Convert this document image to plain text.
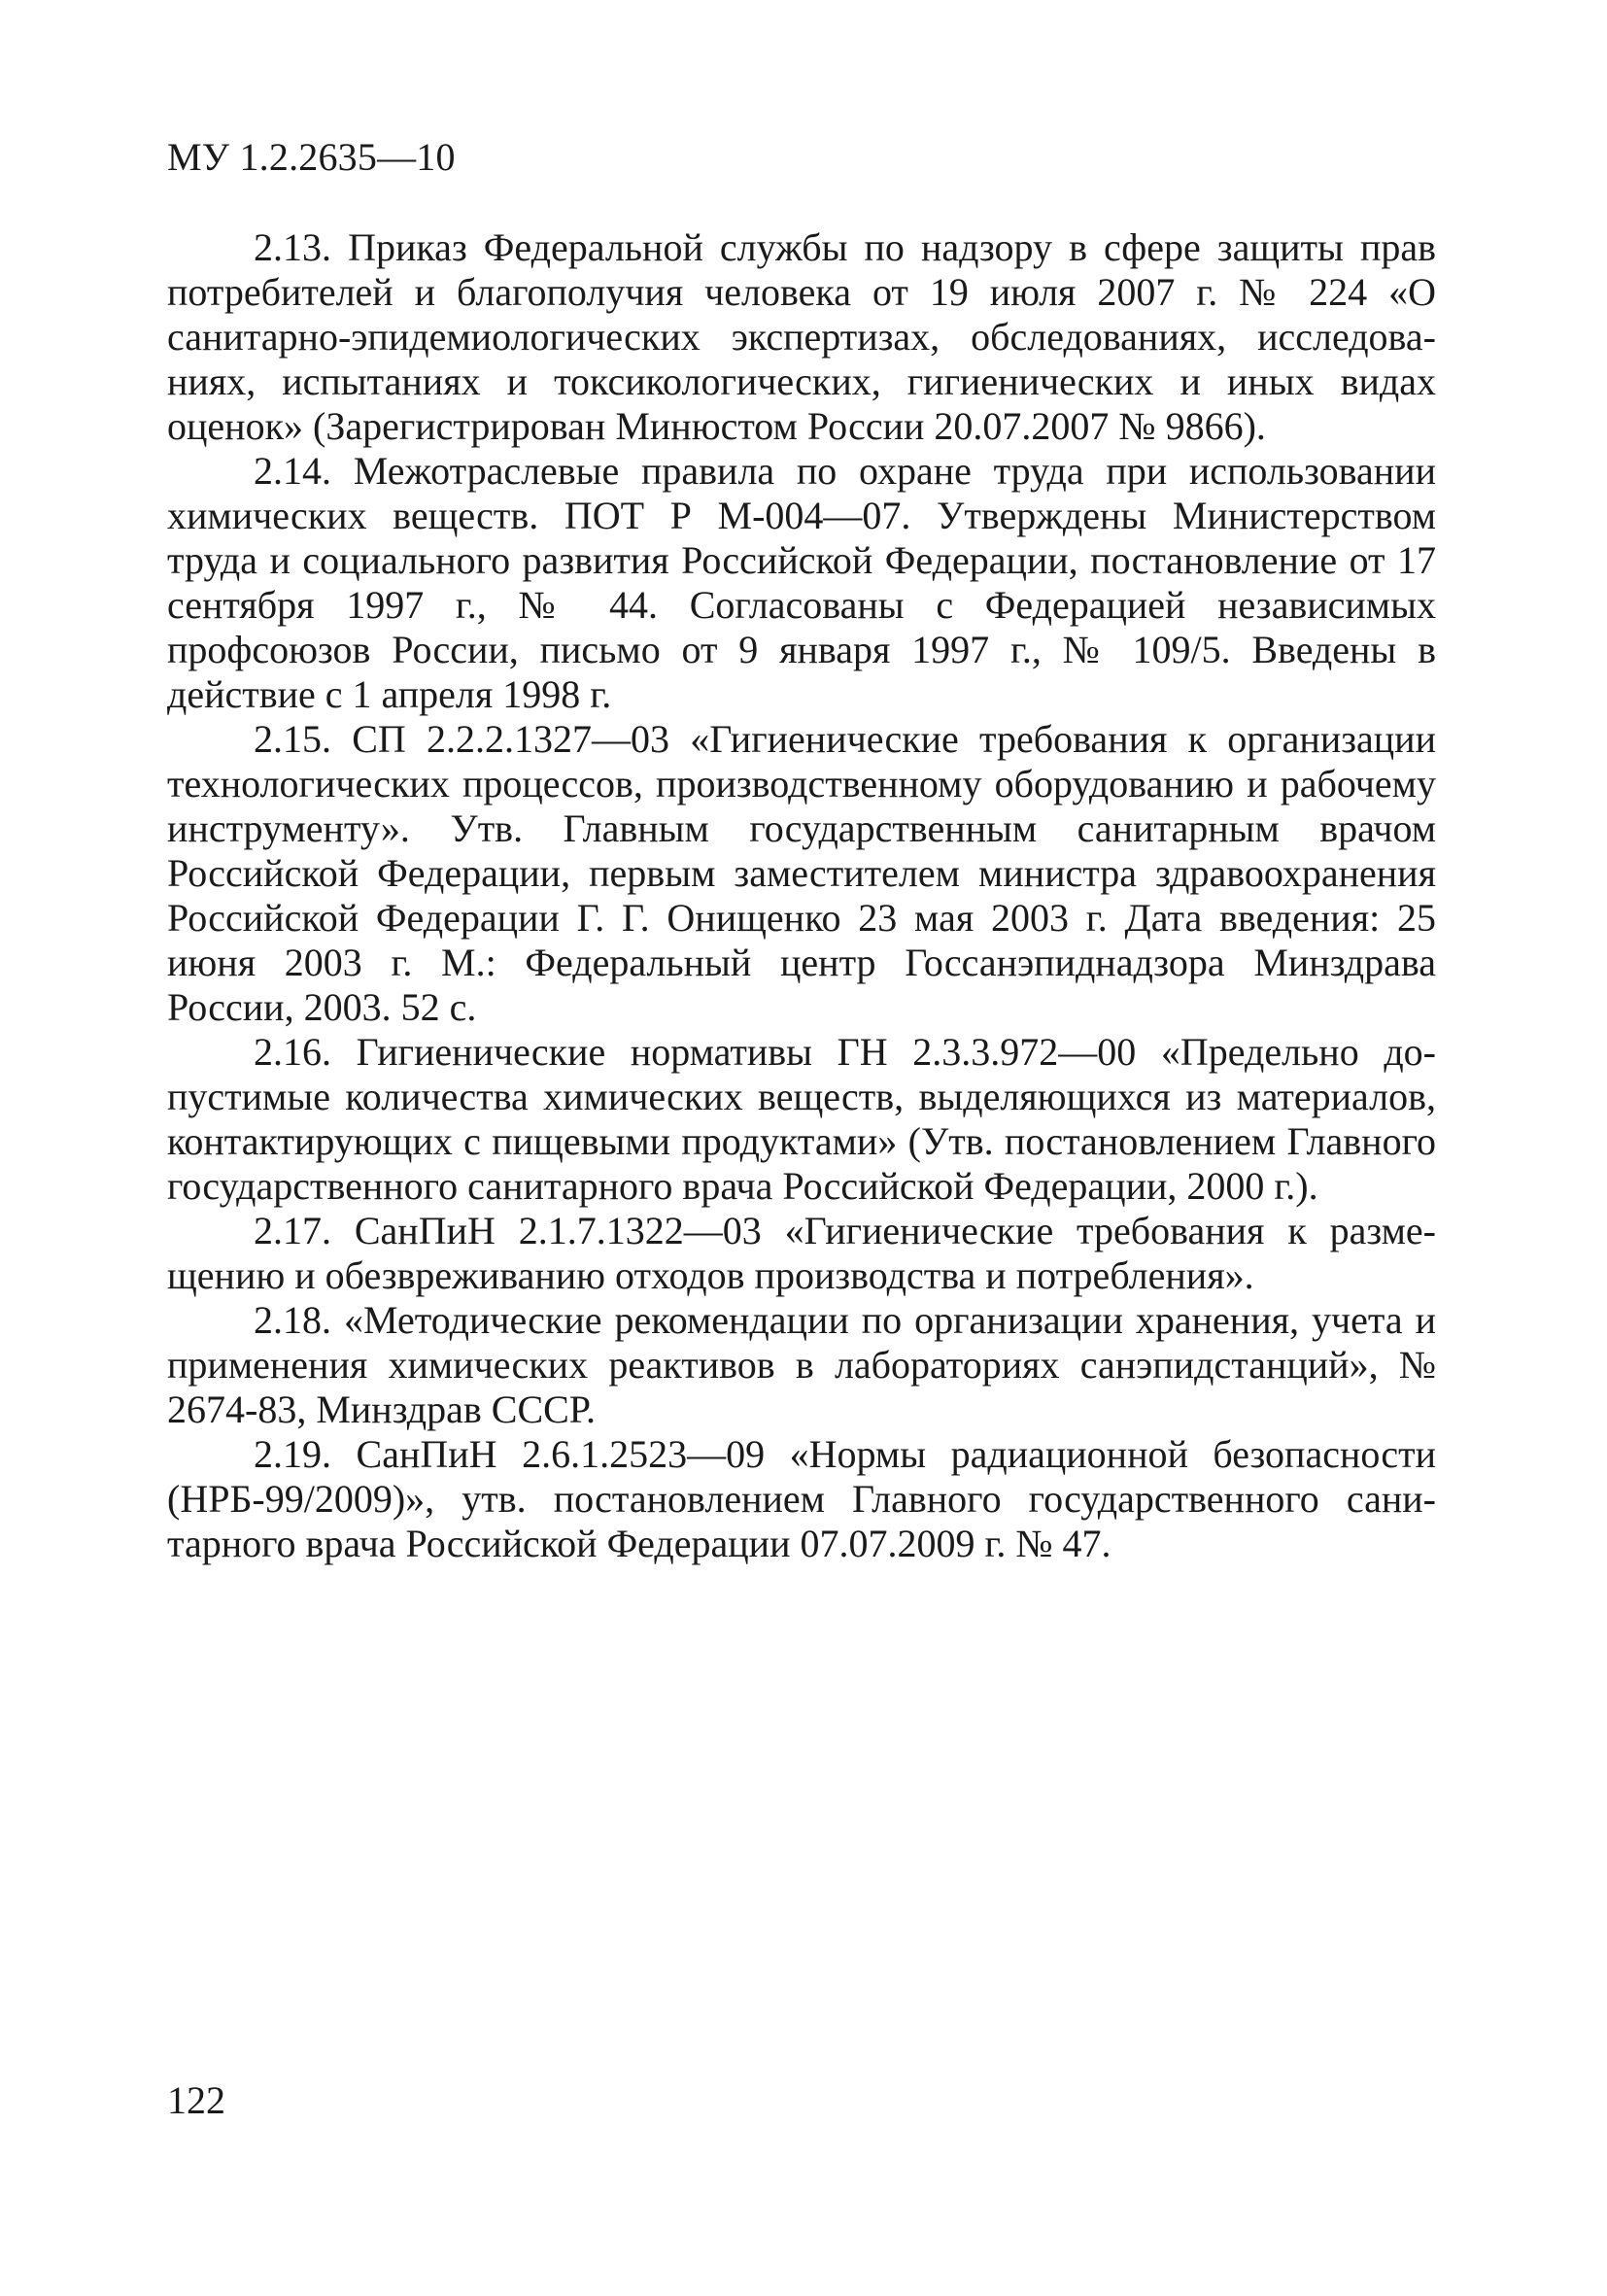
МУ 1.2.2635—10

2.13. Приказ Федеральной службы по надзору в сфере защиты прав потребителей и благополучия человека от 19 июля 2007 г. № 224 «О санитарно-эпидемиологических экспертизах, обследованиях, исследованиях, испытаниях и токсикологических, гигиенических и иных видах оценок» (Зарегистрирован Минюстом России 20.07.2007 № 9866).

2.14. Межотраслевые правила по охране труда при использовании химических веществ. ПОТ Р М-004—07. Утверждены Министерством труда и социального развития Российской Федерации, постановление от 17 сентября 1997 г., № 44. Согласованы с Федерацией независимых профсоюзов России, письмо от 9 января 1997 г., № 109/5. Введены в действие с 1 апреля 1998 г.

2.15. СП 2.2.2.1327—03 «Гигиенические требования к организации технологических процессов, производственному оборудованию и рабочему инструменту». Утв. Главным государственным санитарным врачом Российской Федерации, первым заместителем министра здравоохранения Российской Федерации Г. Г. Онищенко 23 мая 2003 г. Дата введения: 25 июня 2003 г. М.: Федеральный центр Госсанэпиднадзора Минздрава России, 2003. 52 с.

2.16. Гигиенические нормативы ГН 2.3.3.972—00 «Предельно допустимые количества химических веществ, выделяющихся из материалов, контактирующих с пищевыми продуктами» (Утв. постановлением Главного государственного санитарного врача Российской Федерации, 2000 г.).

2.17. СанПиН 2.1.7.1322—03 «Гигиенические требования к размещению и обезвреживанию отходов производства и потребления».

2.18. «Методические рекомендации по организации хранения, учета и применения химических реактивов в лабораториях санэпидстанций», № 2674-83, Минздрав СССР.

2.19. СанПиН 2.6.1.2523—09 «Нормы радиационной безопасности (НРБ-99/2009)», утв. постановлением Главного государственного санитарного врача Российской Федерации 07.07.2009 г. № 47.

122
